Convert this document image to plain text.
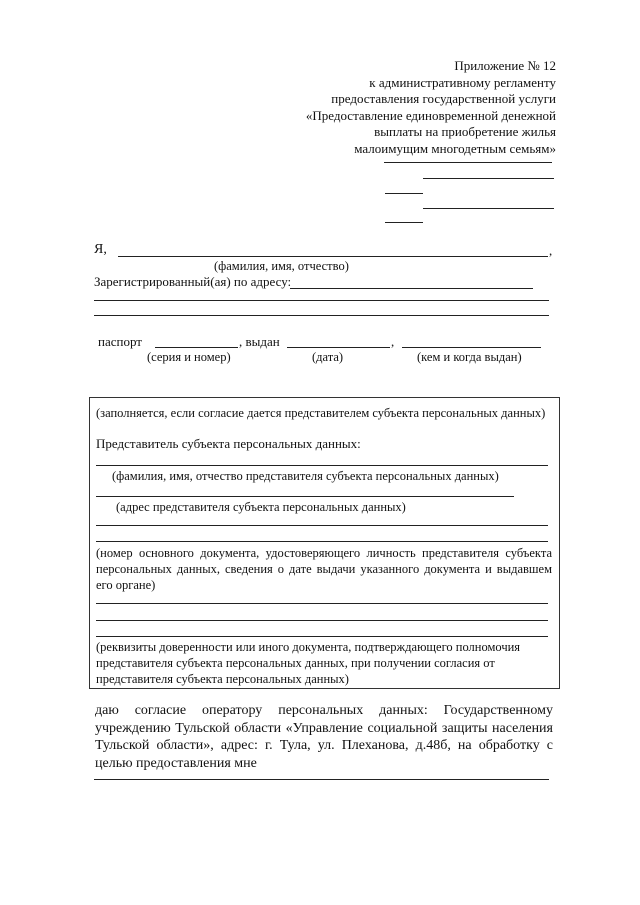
Приложение № 12
к административному регламенту
предоставления государственной услуги
«Предоставление единовременной денежной
выплаты на приобретение жилья
малоимущим многодетным семьям»
Я,	,
(фамилия, имя, отчество)
Зарегистрированный(ая) по адресу:
паспорт	, выдан	,
(серия и номер)	(дата)	(кем и когда выдан)
(заполняется, если согласие дается представителем субъекта персональных данных)
Представитель субъекта персональных данных:
(фамилия, имя, отчество представителя субъекта персональных данных)
(адрес представителя субъекта персональных данных)
(номер основного документа, удостоверяющего личность представителя субъекта персональных данных, сведения о дате выдачи указанного документа и выдавшем его органе)
(реквизиты доверенности или иного документа, подтверждающего полномочия представителя субъекта персональных данных, при получении согласия от представителя субъекта персональных данных)
даю согласие оператору персональных данных: Государственному учреждению Тульской области «Управление социальной защиты населения Тульской области», адрес: г. Тула, ул. Плеханова, д.48б, на обработку с целью предоставления мне
